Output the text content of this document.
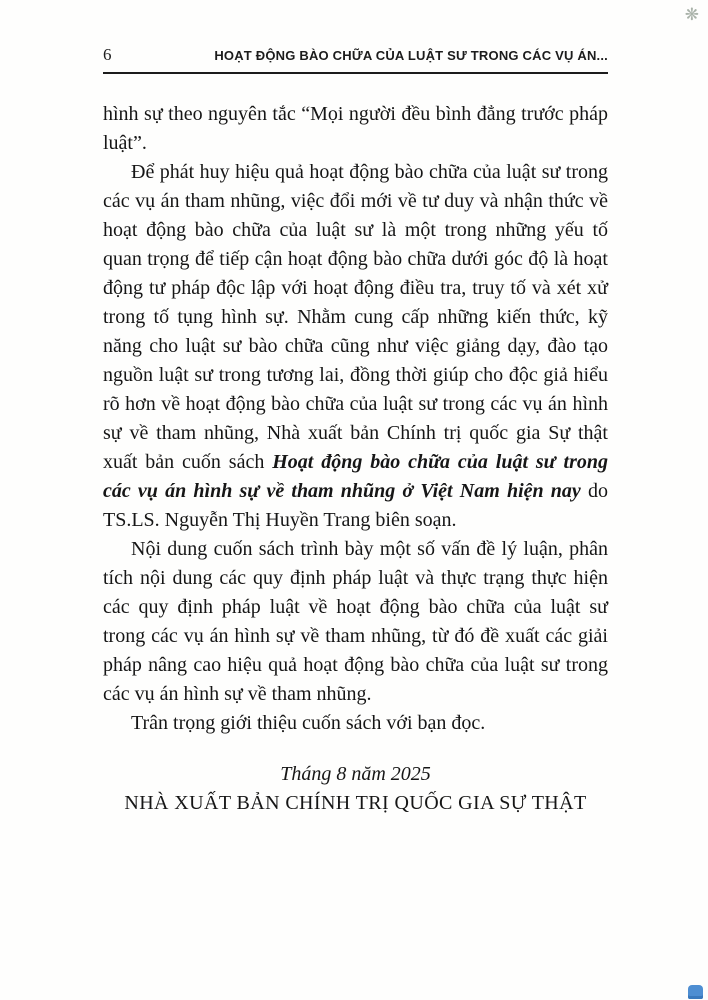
❋
6	HOẠT ĐỘNG BÀO CHỮA CỦA LUẬT SƯ TRONG CÁC VỤ ÁN...

hình sự theo nguyên tắc “Mọi người đều bình đẳng trước pháp luật”.

Để phát huy hiệu quả hoạt động bào chữa của luật sư trong các vụ án tham nhũng, việc đổi mới về tư duy và nhận thức về hoạt động bào chữa của luật sư là một trong những yếu tố quan trọng để tiếp cận hoạt động bào chữa dưới góc độ là hoạt động tư pháp độc lập với hoạt động điều tra, truy tố và xét xử trong tố tụng hình sự. Nhằm cung cấp những kiến thức, kỹ năng cho luật sư bào chữa cũng như việc giảng dạy, đào tạo nguồn luật sư trong tương lai, đồng thời giúp cho độc giả hiểu rõ hơn về hoạt động bào chữa của luật sư trong các vụ án hình sự về tham nhũng, Nhà xuất bản Chính trị quốc gia Sự thật xuất bản cuốn sách Hoạt động bào chữa của luật sư trong các vụ án hình sự về tham nhũng ở Việt Nam hiện nay do TS.LS. Nguyễn Thị Huyền Trang biên soạn.

Nội dung cuốn sách trình bày một số vấn đề lý luận, phân tích nội dung các quy định pháp luật và thực trạng thực hiện các quy định pháp luật về hoạt động bào chữa của luật sư trong các vụ án hình sự về tham nhũng, từ đó đề xuất các giải pháp nâng cao hiệu quả hoạt động bào chữa của luật sư trong các vụ án hình sự về tham nhũng.

Trân trọng giới thiệu cuốn sách với bạn đọc.

Tháng 8 năm 2025

NHÀ XUẤT BẢN CHÍNH TRỊ QUỐC GIA SỰ THẬT
